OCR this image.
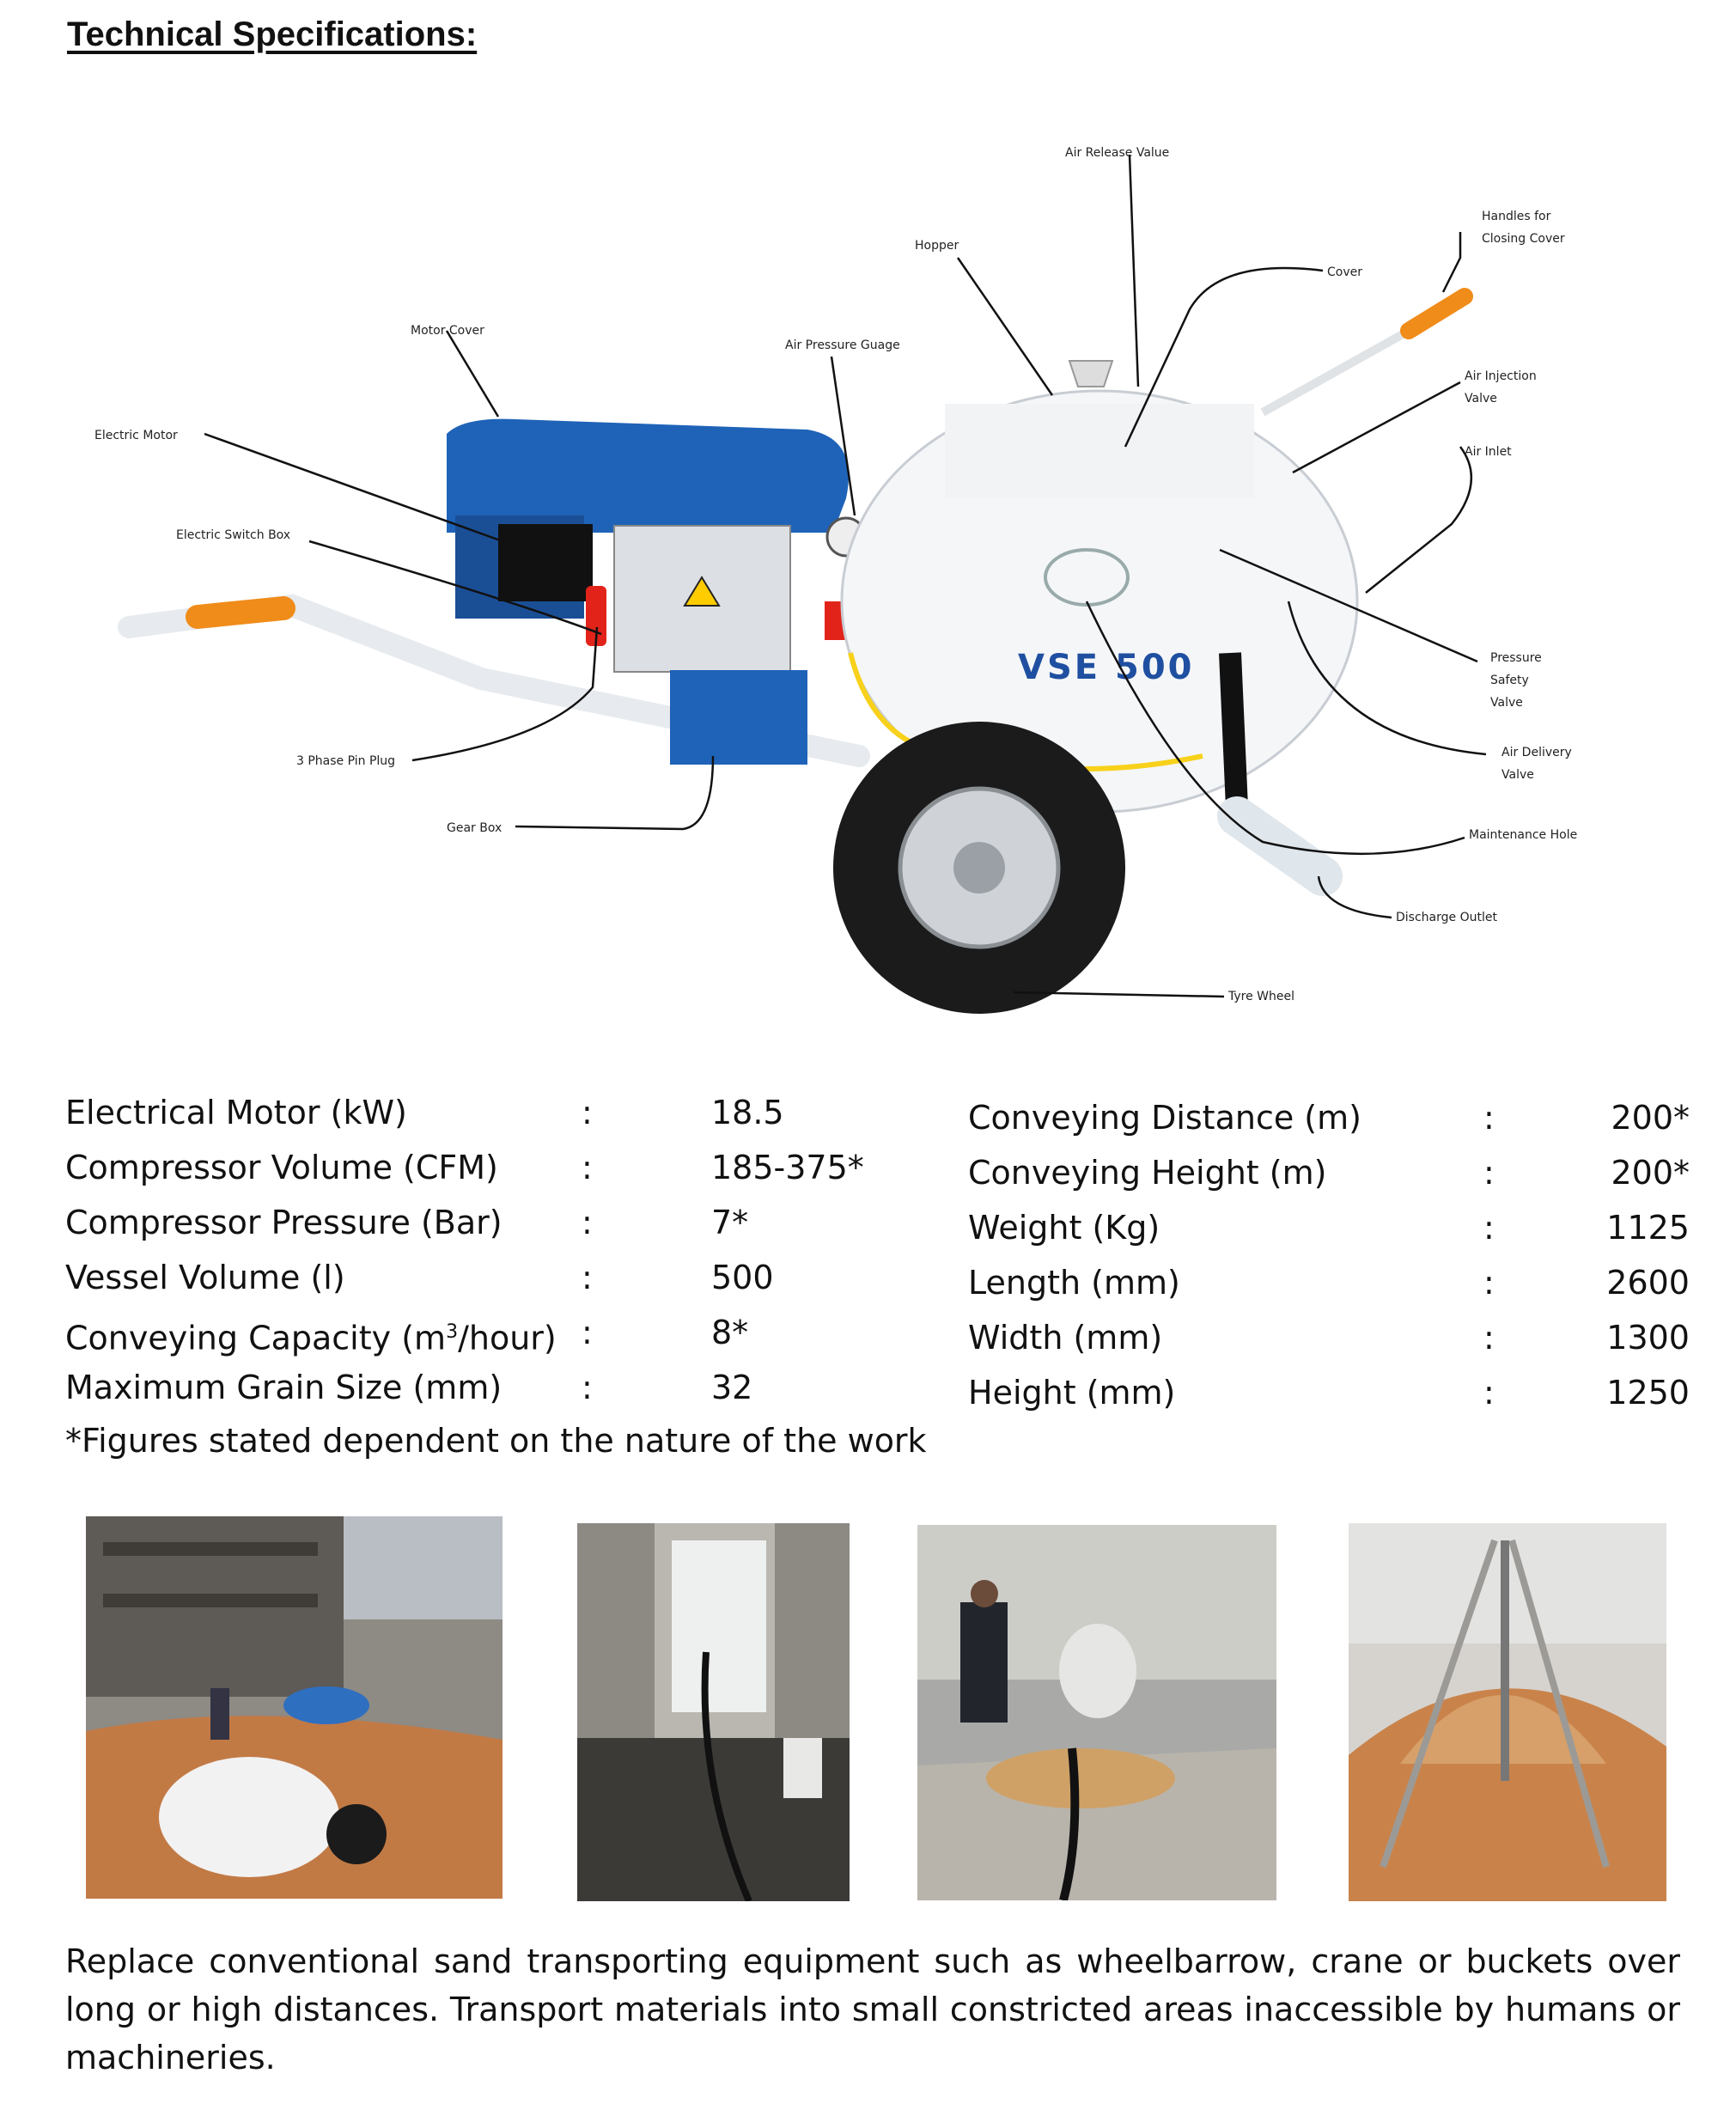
Technical Specifications:
VSE 500
Air Release Value
Handles for
Closing Cover
Hopper
Cover
Motor Cover
Air Pressure Guage
Air Injection
Valve
Air Inlet
Electric Motor
Electric Switch Box
Pressure
Safety
Valve
Air Delivery
Valve
3 Phase Pin Plug
Maintenance Hole
Gear Box
Discharge Outlet
Tyre Wheel
Electrical Motor (kW)	:	18.5
Compressor Volume (CFM)	:	185-375*
Compressor Pressure (Bar) :	7*
Vessel Volume (l)	:	500
Conveying Capacity $(m^3/hour)$ :	8*
Maximum Grain Size (mm) :	32
Conveying Distance (m)	:	200*
Conveying Height (m)	:	200*
Weight (Kg)	:	1125
Length (mm)	:	2600
Width (mm)	:	1300
Height (mm)	:	1250
*Figures stated dependent on the nature of the work
Replace conventional sand transporting equipment such as wheelbarrow, crane or buckets over long or high distances. Transport materials into small constricted areas inaccessible by humans or machineries.
